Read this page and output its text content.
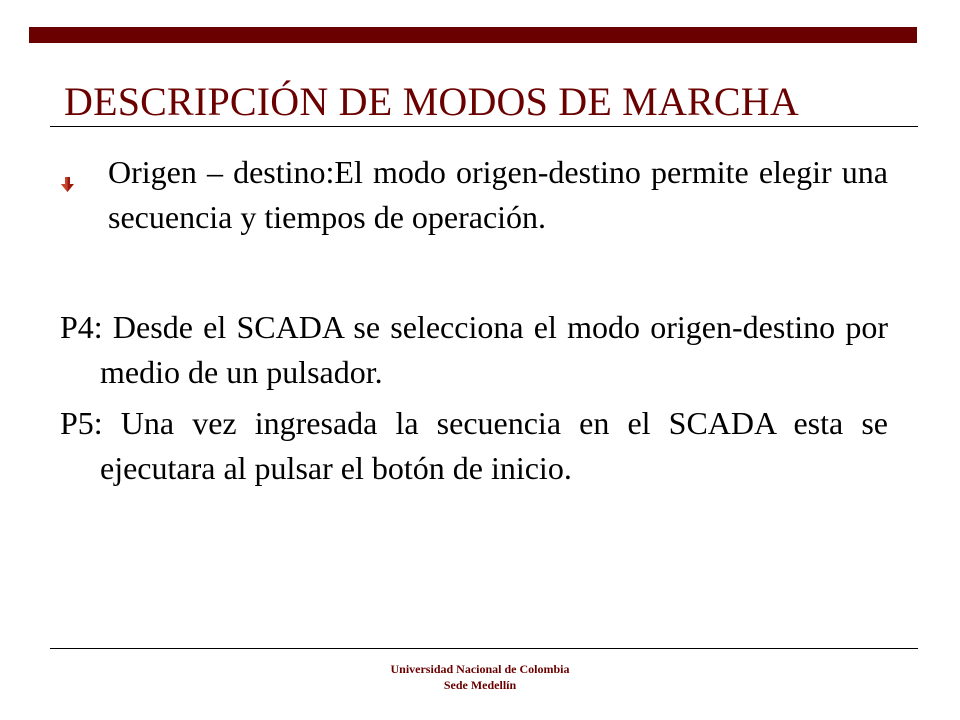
DESCRIPCIÓN DE MODOS DE MARCHA
Origen – destino:El modo origen-destino permite elegir una secuencia y tiempos de operación.
P4: Desde el SCADA se selecciona el modo origen-destino por medio de un pulsador.
P5: Una vez ingresada la secuencia en el SCADA esta se ejecutara al pulsar el botón de inicio.
Universidad Nacional de Colombia
Sede Medellín
